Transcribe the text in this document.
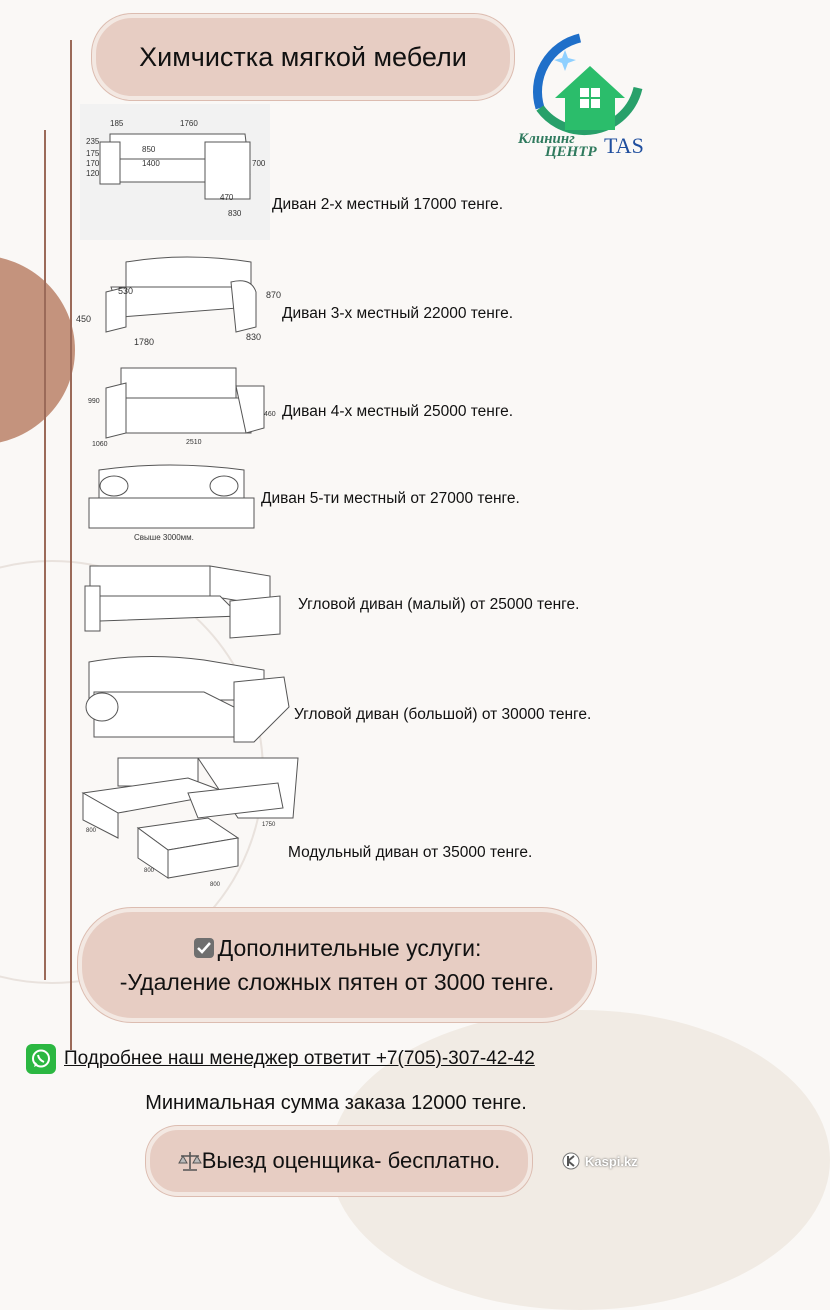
Химчистка мягкой мебели
Клининг
ЦЕНТР TAS
185	1760
235
175
170
120
850
1400	700
470
830
Диван 2-х местный 17000 тенге.
530	870
450
1780	830
Диван 3-х местный 22000 тенге.
990
460
1060	2510
Диван 4-х местный 25000 тенге.
Свыше 3000мм.
Диван 5-ти местный от 27000 тенге.
Угловой диван (малый) от 25000 тенге.
Угловой диван (большой) от 30000 тенге.
800
1750
800
800
Модульный диван от 35000 тенге.
Дополнительные услуги:
-Удаление сложных пятен от 3000 тенге.
Подробнее наш менеджер ответит +7(705)-307-42-42
Минимальная сумма заказа 12000 тенге.
Выезд оценщика- бесплатно.	Kaspi.kz
